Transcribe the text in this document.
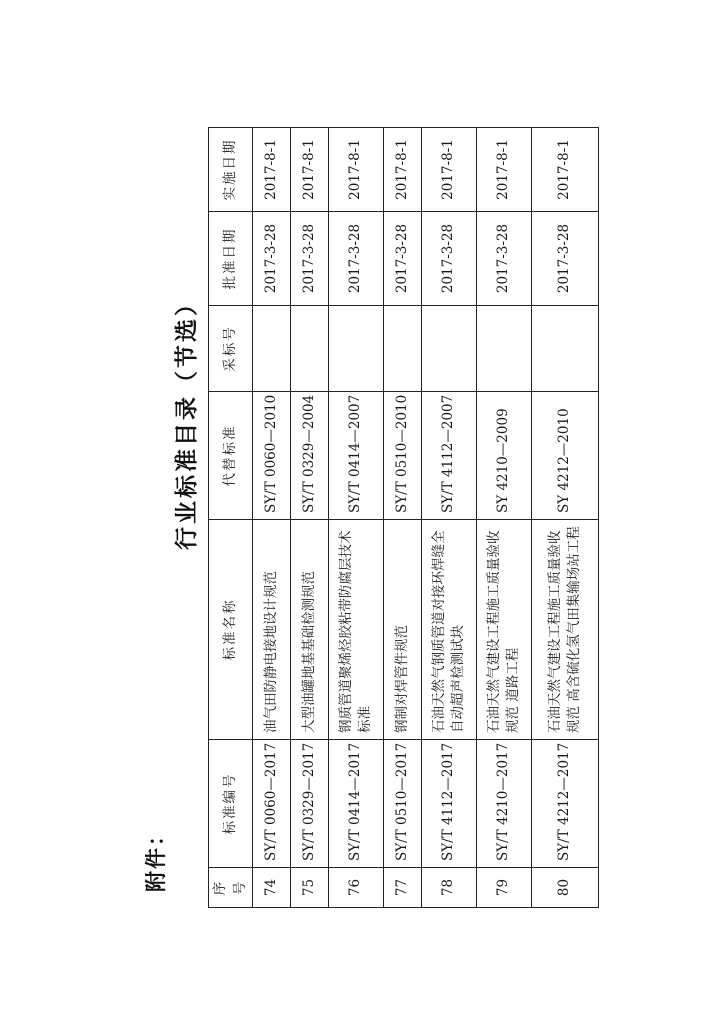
附件：
行业标准目录（节选）
序号	标准编号	标准名称	代替标准	采标号	批准日期	实施日期
74	SY/T 0060—2017	油气田防静电接地设计规范	SY/T 0060—2010		2017-3-28	2017-8-1
75	SY/T 0329—2017	大型油罐地基基础检测规范	SY/T 0329—2004		2017-3-28	2017-8-1
76	SY/T 0414—2017	钢质管道聚烯烃胶粘带防腐层技术标准	SY/T 0414—2007		2017-3-28	2017-8-1
77	SY/T 0510—2017	钢制对焊管件规范	SY/T 0510—2010		2017-3-28	2017-8-1
78	SY/T 4112—2017	石油天然气钢质管道对接环焊缝全自动超声检测试块	SY/T 4112—2007		2017-3-28	2017-8-1
79	SY/T 4210—2017	石油天然气建设工程施工质量验收规范 道路工程	SY 4210—2009		2017-3-28	2017-8-1
80	SY/T 4212—2017	石油天然气建设工程施工质量验收规范 高含硫化氢气田集输场站工程	SY 4212—2010		2017-3-28	2017-8-1
